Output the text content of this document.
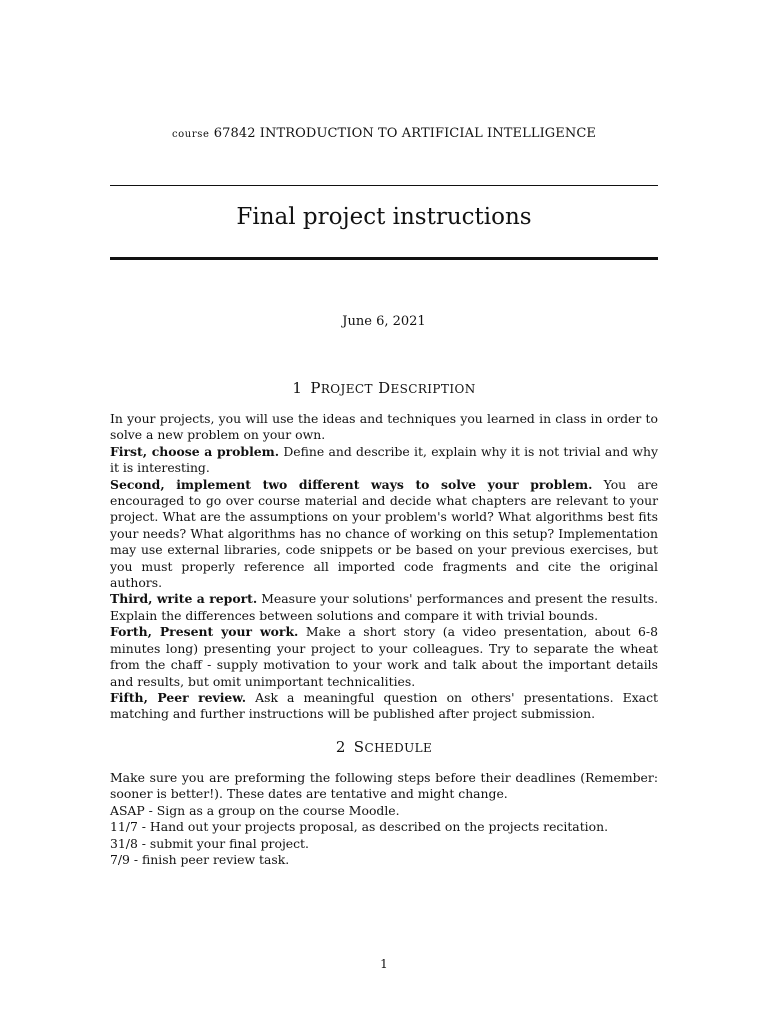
course 67842 INTRODUCTION TO ARTIFICIAL INTELLIGENCE
Final project instructions
June 6, 2021
1 PROJECT DESCRIPTION

In your projects, you will use the ideas and techniques you learned in class in order to solve a new problem on your own.

First, choose a problem. Define and describe it, explain why it is not trivial and why it is interesting.

Second, implement two different ways to solve your problem. You are encouraged to go over course material and decide what chapters are relevant to your project. What are the assumptions on your problem's world? What algorithms best fits your needs? What algorithms has no chance of working on this setup? Implementation may use external libraries, code snippets or be based on your previous exercises, but you must properly reference all imported code fragments and cite the original authors.

Third, write a report. Measure your solutions' performances and present the results. Explain the differences between solutions and compare it with trivial bounds.

Forth, Present your work. Make a short story (a video presentation, about 6-8 minutes long) presenting your project to your colleagues. Try to separate the wheat from the chaff - supply motivation to your work and talk about the important details and results, but omit unimportant technicalities.

Fifth, Peer review. Ask a meaningful question on others' presentations. Exact matching and further instructions will be published after project submission.

2 SCHEDULE

Make sure you are preforming the following steps before their deadlines (Remember: sooner is better!). These dates are tentative and might change.

ASAP - Sign as a group on the course Moodle.

11/7 - Hand out your projects proposal, as described on the projects recitation.

31/8 - submit your final project.

7/9 - finish peer review task.

1
